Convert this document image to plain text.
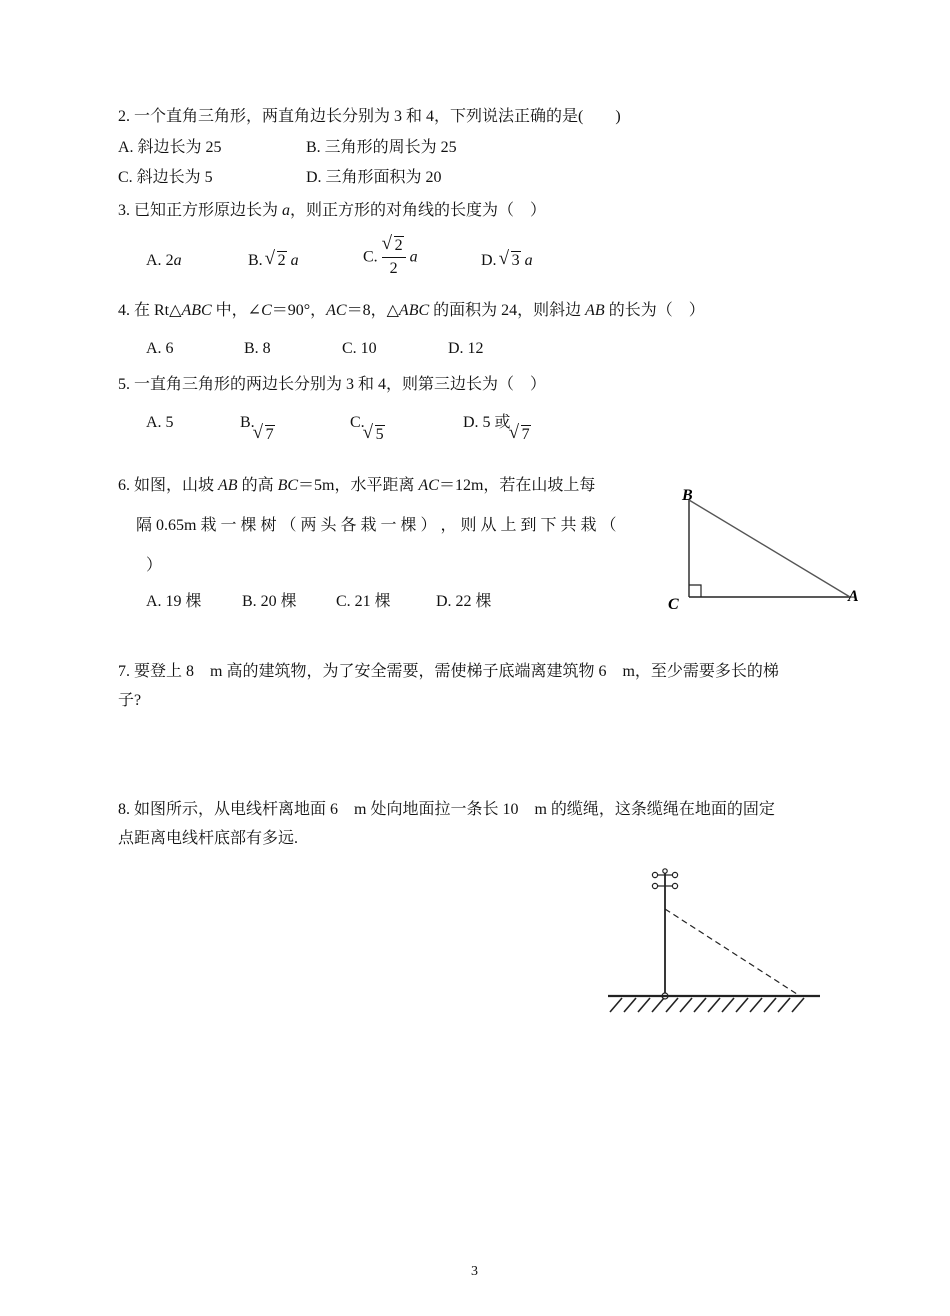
2. 一个直角三角形，两直角边长分别为 3 和 4，下列说法正确的是(　　)
A. 斜边长为 25	B. 三角形的周长为 25
C. 斜边长为 5	D. 三角形面积为 20
3. 已知正方形原边长为 a，则正方形的对角线的长度为（　）
A. 2a	B. √ 2 a	C.
√ $\frac{2}{2}$ a	D. √ 3 a
4. 在 Rt△ABC 中，∠C＝90°，AC＝8，△ABC 的面积为 24，则斜边 AB 的长为（　）
A. 6	B. 8	C. 10	D. 12
5. 一直角三角形的两边长分别为 3 和 4，则第三边长为（　）
A. 5	B.√ 7
C.√ 5
D. 5 或√ 7
6. 如图，山坡 AB 的高 BC＝5m，水平距离 AC＝12m，若在山坡上每
隔 0.65m 栽 一 棵 树 （ 两 头 各 栽 一 棵 ） ， 则 从 上 到 下 共 栽 （
）
A. 19 棵	B. 20 棵 C. 21 棵	D. 22 棵
B
C	A
7. 要登上 8　m 高的建筑物，为了安全需要，需使梯子底端离建筑物 6　m，至少需要多长的梯
子?
8. 如图所示，从电线杆离地面 6　m 处向地面拉一条长 10　m 的缆绳，这条缆绳在地面的固定
点距离电线杆底部有多远.
3
